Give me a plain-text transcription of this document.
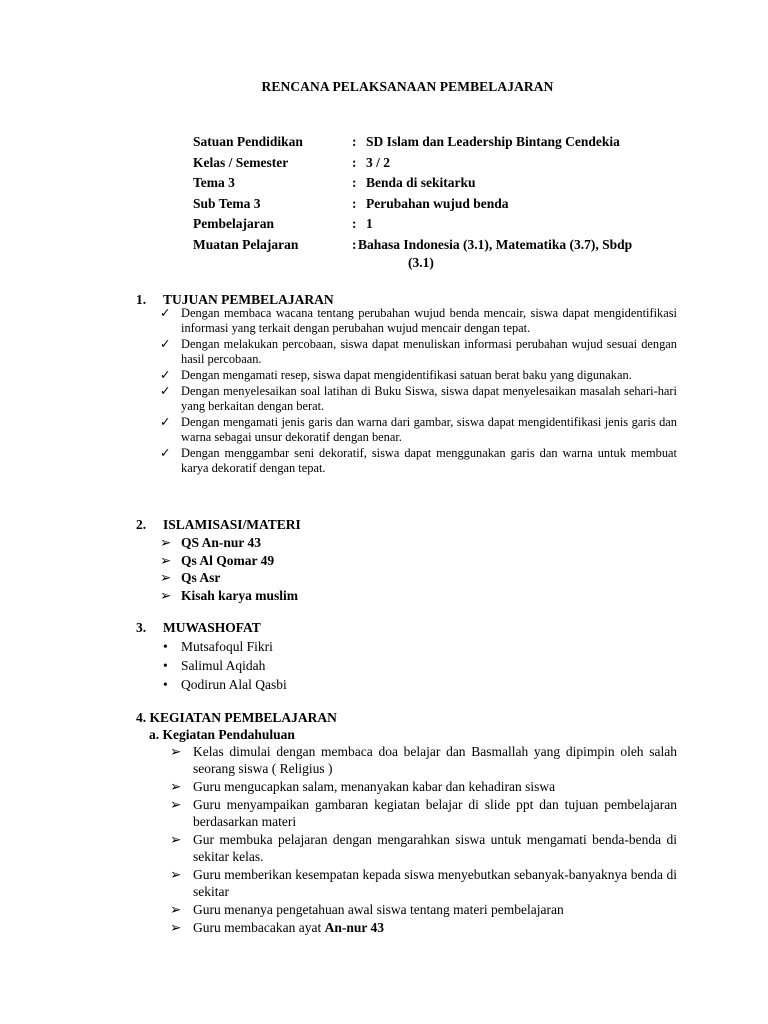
RENCANA PELAKSANAAN PEMBELAJARAN
Satuan Pendidikan	: SD Islam dan Leadership Bintang Cendekia
Kelas / Semester	: 3 / 2
Tema 3	: Benda di sekitarku
Sub Tema 3	: Perubahan wujud benda
Pembelajaran	: 1
Muatan Pelajaran	: Bahasa Indonesia (3.1), Matematika (3.7), Sbdp
(3.1)
1. TUJUAN PEMBELAJARAN
✓ Dengan membaca wacana tentang perubahan wujud benda mencair, siswa dapat mengidentifikasi informasi yang terkait dengan perubahan wujud mencair dengan tepat.
✓ Dengan melakukan percobaan, siswa dapat menuliskan informasi perubahan wujud sesuai dengan hasil percobaan.
✓ Dengan mengamati resep, siswa dapat mengidentifikasi satuan berat baku yang digunakan.
✓ Dengan menyelesaikan soal latihan di Buku Siswa, siswa dapat menyelesaikan masalah sehari-hari yang berkaitan dengan berat.
✓ Dengan mengamati jenis garis dan warna dari gambar, siswa dapat mengidentifikasi jenis garis dan warna sebagai unsur dekoratif dengan benar.
✓ Dengan menggambar seni dekoratif, siswa dapat menggunakan garis dan warna untuk membuat karya dekoratif dengan tepat.
2. ISLAMISASI/MATERI
➢ QS An-nur 43
➢ Qs Al Qomar 49
➢ Qs Asr
➢ Kisah karya muslim
3. MUWASHOFAT
• Mutsafoqul Fikri
• Salimul Aqidah
• Qodirun Alal Qasbi
4. KEGIATAN PEMBELAJARAN
a. Kegiatan Pendahuluan
➢ Kelas dimulai dengan membaca doa belajar dan Basmallah yang dipimpin oleh salah seorang siswa ( Religius )
➢ Guru mengucapkan salam, menanyakan kabar dan kehadiran siswa
➢ Guru menyampaikan gambaran kegiatan belajar di slide ppt dan tujuan pembelajaran berdasarkan materi
➢ Gur membuka pelajaran dengan mengarahkan siswa untuk mengamati benda-benda di sekitar kelas.
➢ Guru memberikan kesempatan kepada siswa menyebutkan sebanyak-banyaknya benda di sekitar
➢ Guru menanya pengetahuan awal siswa tentang materi pembelajaran
➢ Guru membacakan ayat An-nur 43
